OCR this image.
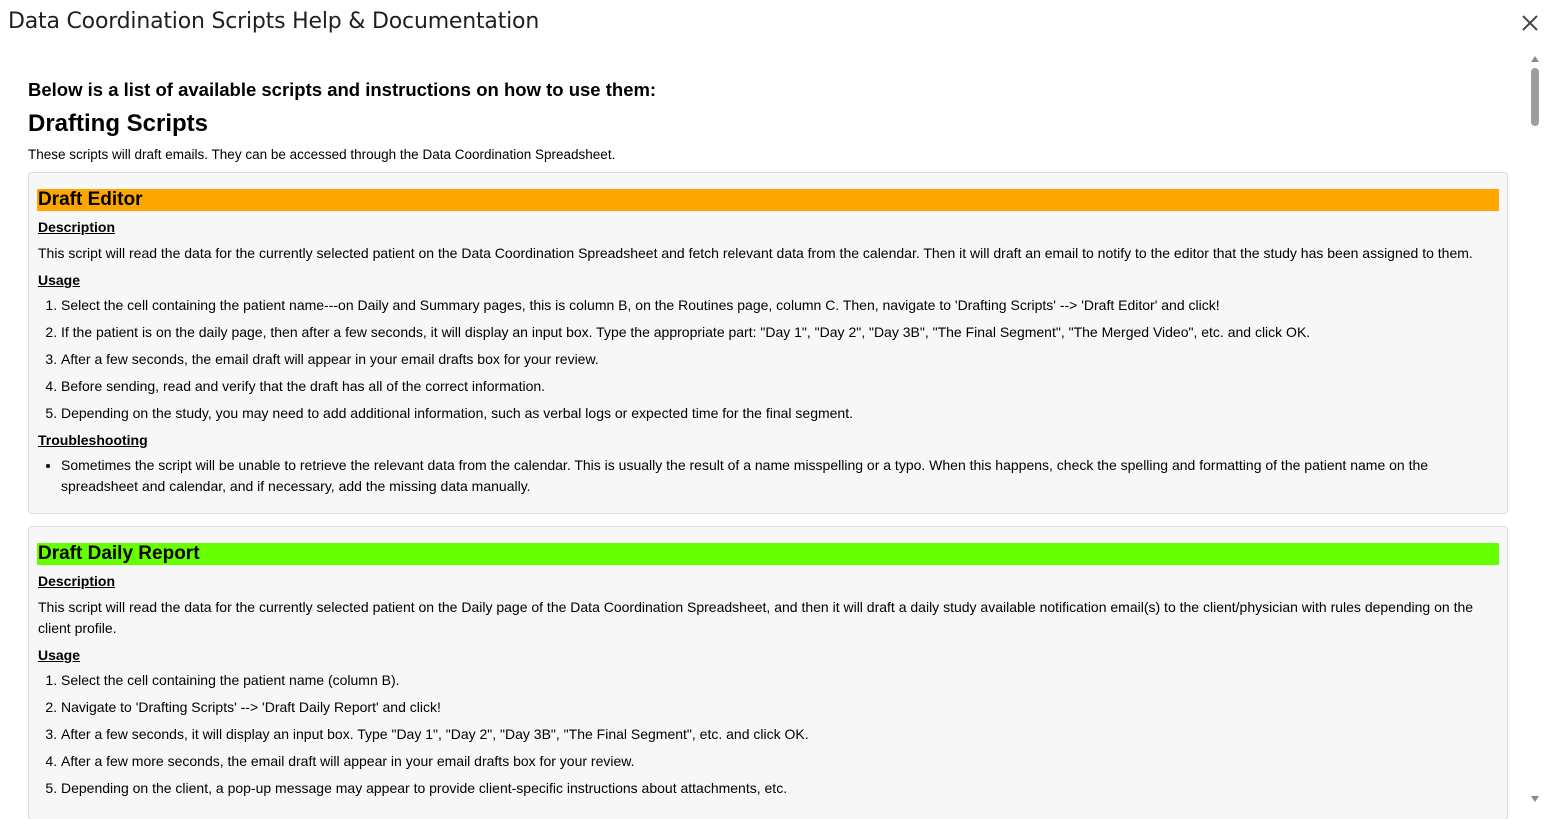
Data Coordination Scripts Help & Documentation
Below is a list of available scripts and instructions on how to use them:
Drafting Scripts
These scripts will draft emails. They can be accessed through the Data Coordination Spreadsheet.
Draft Editor
Description
This script will read the data for the currently selected patient on the Data Coordination Spreadsheet and fetch relevant data from the calendar. Then it will draft an email to notify to the editor that the study has been assigned to them.
Usage
1. Select the cell containing the patient name---on Daily and Summary pages, this is column B, on the Routines page, column C. Then, navigate to 'Drafting Scripts' --> 'Draft Editor' and click!
2. If the patient is on the daily page, then after a few seconds, it will display an input box. Type the appropriate part: "Day 1", "Day 2", "Day 3B", "The Final Segment", "The Merged Video", etc. and click OK.
3. After a few seconds, the email draft will appear in your email drafts box for your review.
4. Before sending, read and verify that the draft has all of the correct information.
5. Depending on the study, you may need to add additional information, such as verbal logs or expected time for the final segment.
Troubleshooting
• Sometimes the script will be unable to retrieve the relevant data from the calendar. This is usually the result of a name misspelling or a typo. When this happens, check the spelling and formatting of the patient name on the spreadsheet and calendar, and if necessary, add the missing data manually.
Draft Daily Report
Description
This script will read the data for the currently selected patient on the Daily page of the Data Coordination Spreadsheet, and then it will draft a daily study available notification email(s) to the client/physician with rules depending on the client profile.
Usage
1. Select the cell containing the patient name (column B).
2. Navigate to 'Drafting Scripts' --> 'Draft Daily Report' and click!
3. After a few seconds, it will display an input box. Type "Day 1", "Day 2", "Day 3B", "The Final Segment", etc. and click OK.
4. After a few more seconds, the email draft will appear in your email drafts box for your review.
5. Depending on the client, a pop-up message may appear to provide client-specific instructions about attachments, etc.
